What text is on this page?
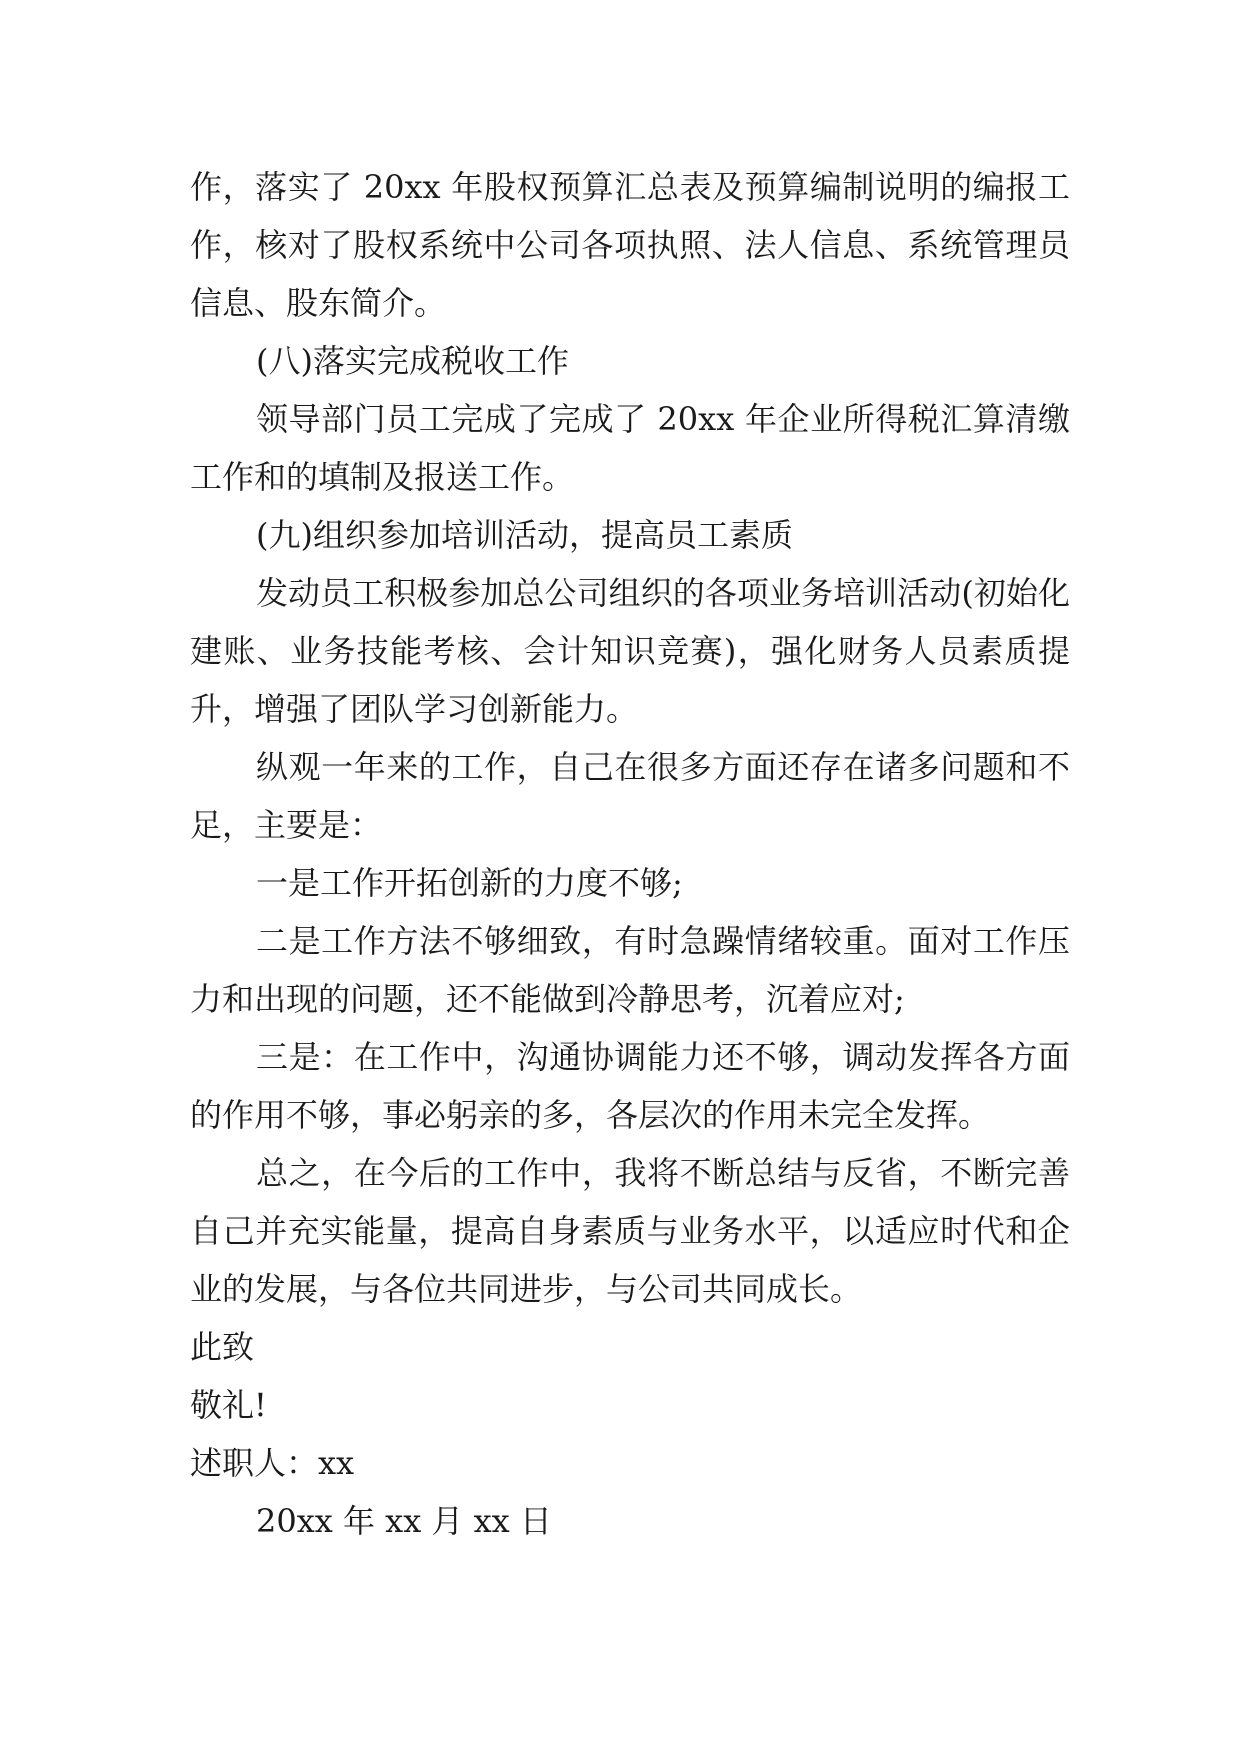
作，落实了 20xx 年股权预算汇总表及预算编制说明的编报工作，核对了股权系统中公司各项执照、法人信息、系统管理员信息、股东简介。

(八)落实完成税收工作

领导部门员工完成了完成了 20xx 年企业所得税汇算清缴工作和的填制及报送工作。

(九)组织参加培训活动，提高员工素质

发动员工积极参加总公司组织的各项业务培训活动(初始化建账、业务技能考核、会计知识竞赛)，强化财务人员素质提升，增强了团队学习创新能力。

纵观一年来的工作，自己在很多方面还存在诸多问题和不足，主要是：

一是工作开拓创新的力度不够;

二是工作方法不够细致，有时急躁情绪较重。面对工作压力和出现的问题，还不能做到冷静思考，沉着应对;

三是：在工作中，沟通协调能力还不够，调动发挥各方面的作用不够，事必躬亲的多，各层次的作用未完全发挥。

总之，在今后的工作中，我将不断总结与反省，不断完善自己并充实能量，提高自身素质与业务水平，以适应时代和企业的发展，与各位共同进步，与公司共同成长。

此致

敬礼!

述职人：xx

20xx 年 xx 月 xx 日
